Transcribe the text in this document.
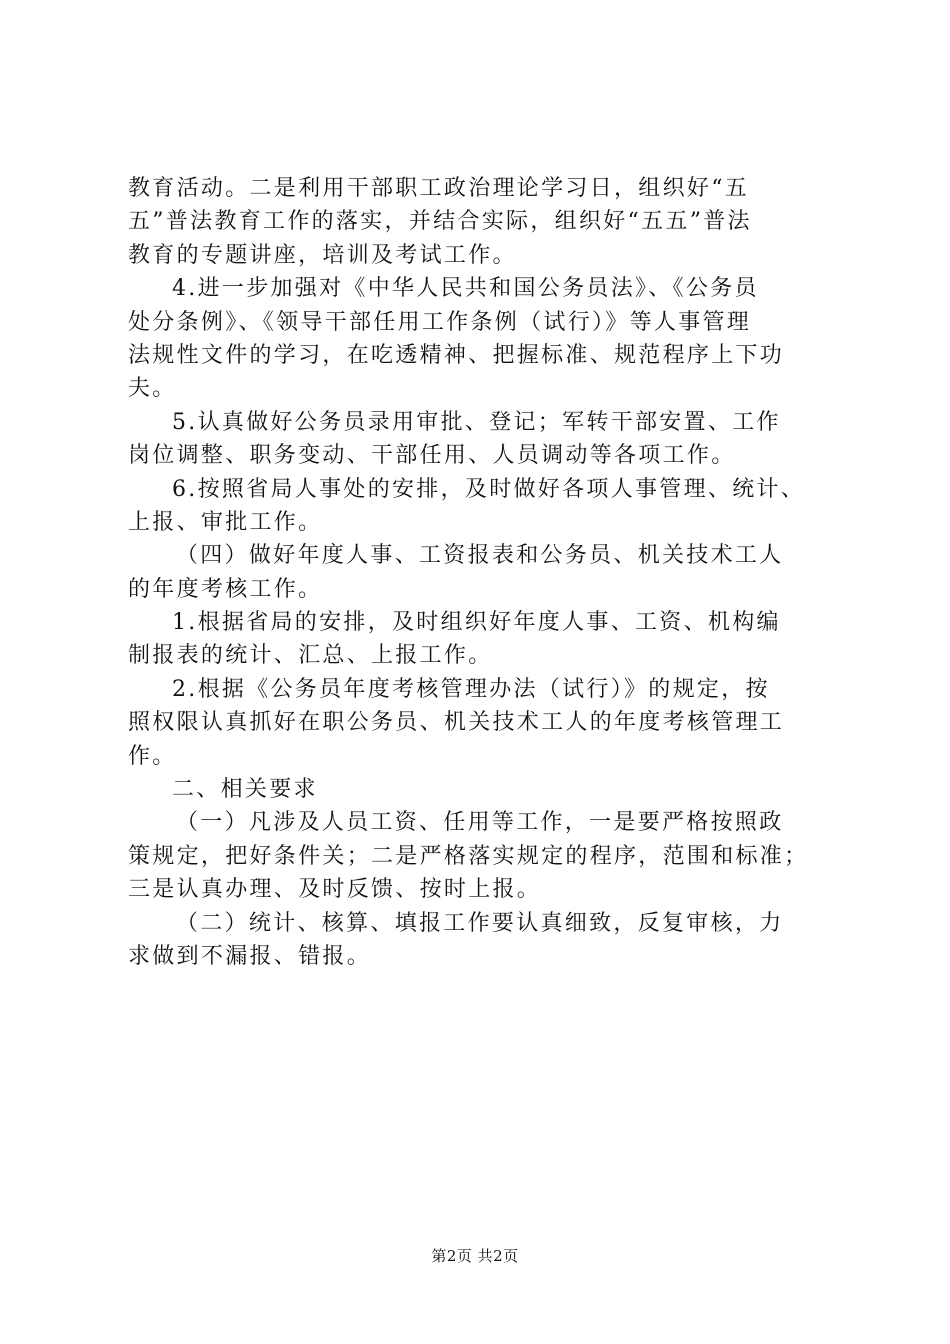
教育活动。二是利用干部职工政治理论学习日，组织好“五
五”普法教育工作的落实，并结合实际，组织好“五五”普法
教育的专题讲座，培训及考试工作。
4.进一步加强对《中华人民共和国公务员法》、《公务员
处分条例》、《领导干部任用工作条例（试行）》等人事管理
法规性文件的学习，在吃透精神、把握标准、规范程序上下功
夫。
5.认真做好公务员录用审批、登记；军转干部安置、工作
岗位调整、职务变动、干部任用、人员调动等各项工作。
6.按照省局人事处的安排，及时做好各项人事管理、统计、
上报、审批工作。
（四）做好年度人事、工资报表和公务员、机关技术工人
的年度考核工作。
1.根据省局的安排，及时组织好年度人事、工资、机构编
制报表的统计、汇总、上报工作。
2.根据《公务员年度考核管理办法（试行）》的规定，按
照权限认真抓好在职公务员、机关技术工人的年度考核管理工
作。
二、相关要求
（一）凡涉及人员工资、任用等工作，一是要严格按照政
策规定，把好条件关；二是严格落实规定的程序，范围和标准；
三是认真办理、及时反馈、按时上报。
（二）统计、核算、填报工作要认真细致，反复审核，力
求做到不漏报、错报。
第2页 共2页
